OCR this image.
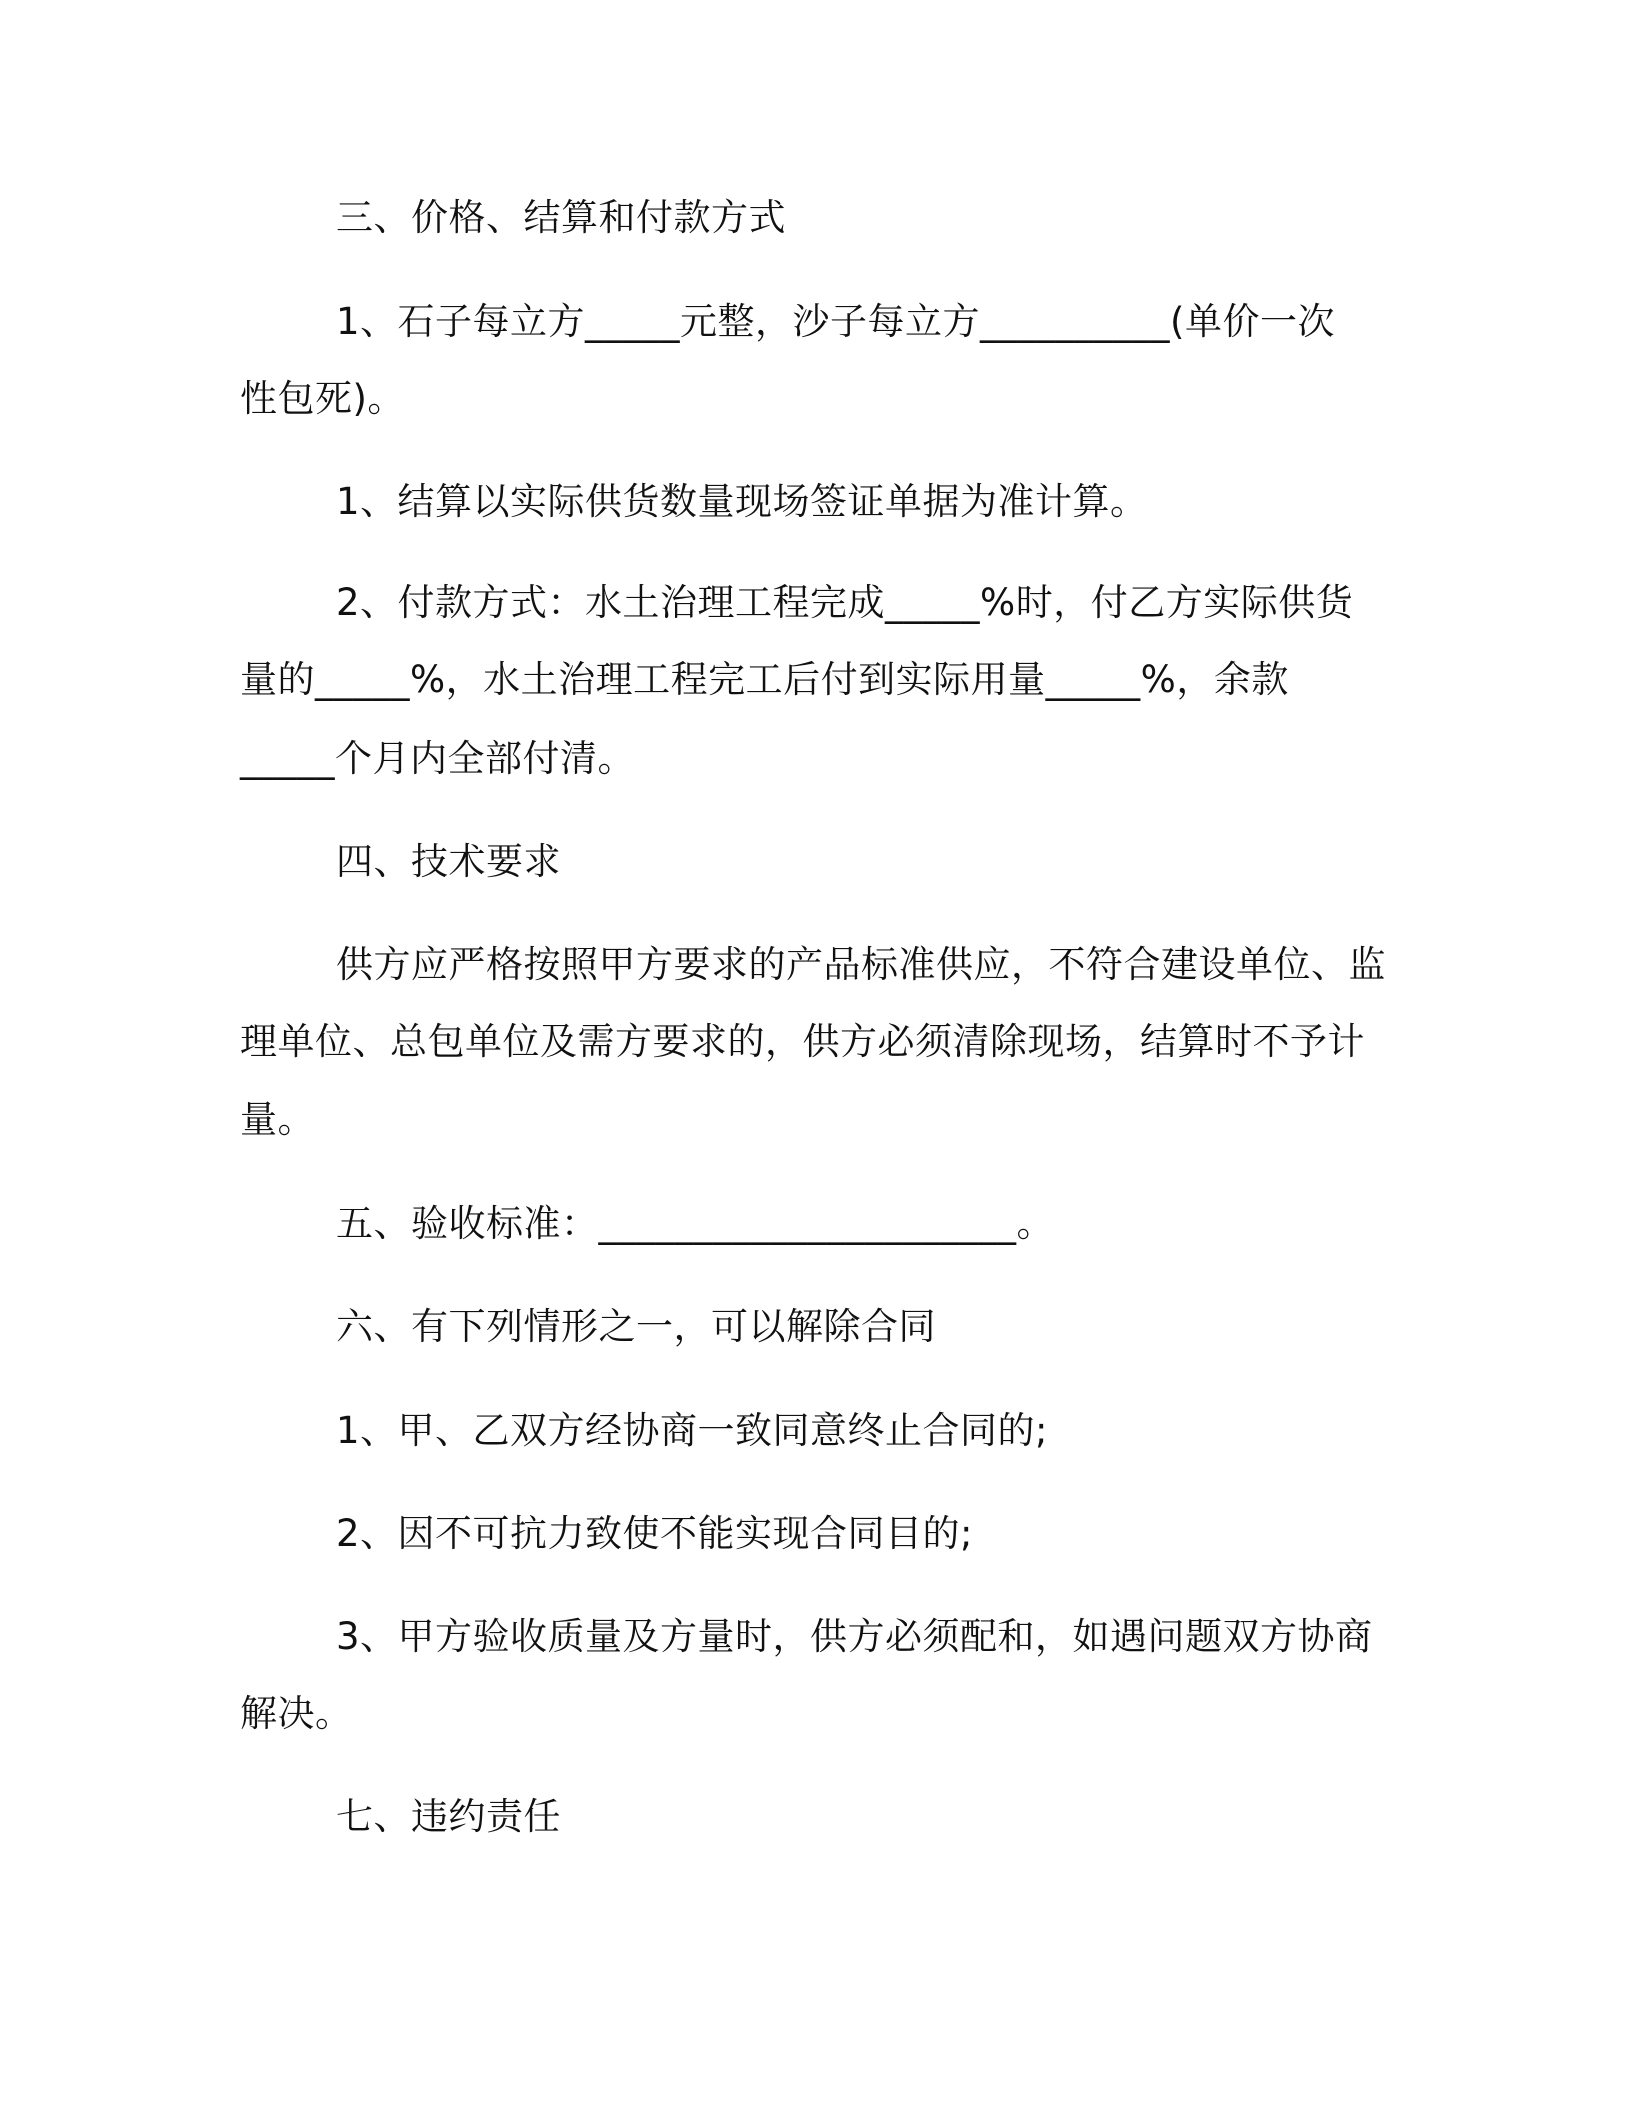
三、价格、结算和付款方式
1、石子每立方_____元整，沙子每立方__________(单价一次
性包死)。
1、结算以实际供货数量现场签证单据为准计算。
2、付款方式：水土治理工程完成_____%时，付乙方实际供货
量的_____%，水土治理工程完工后付到实际用量_____%，余款
_____个月内全部付清。
四、技术要求
供方应严格按照甲方要求的产品标准供应，不符合建设单位、监
理单位、总包单位及需方要求的，供方必须清除现场，结算时不予计
量。
五、验收标准：______________________。
六、有下列情形之一，可以解除合同
1、甲、乙双方经协商一致同意终止合同的;
2、因不可抗力致使不能实现合同目的;
3、甲方验收质量及方量时，供方必须配和，如遇问题双方协商
解决。
七、违约责任
